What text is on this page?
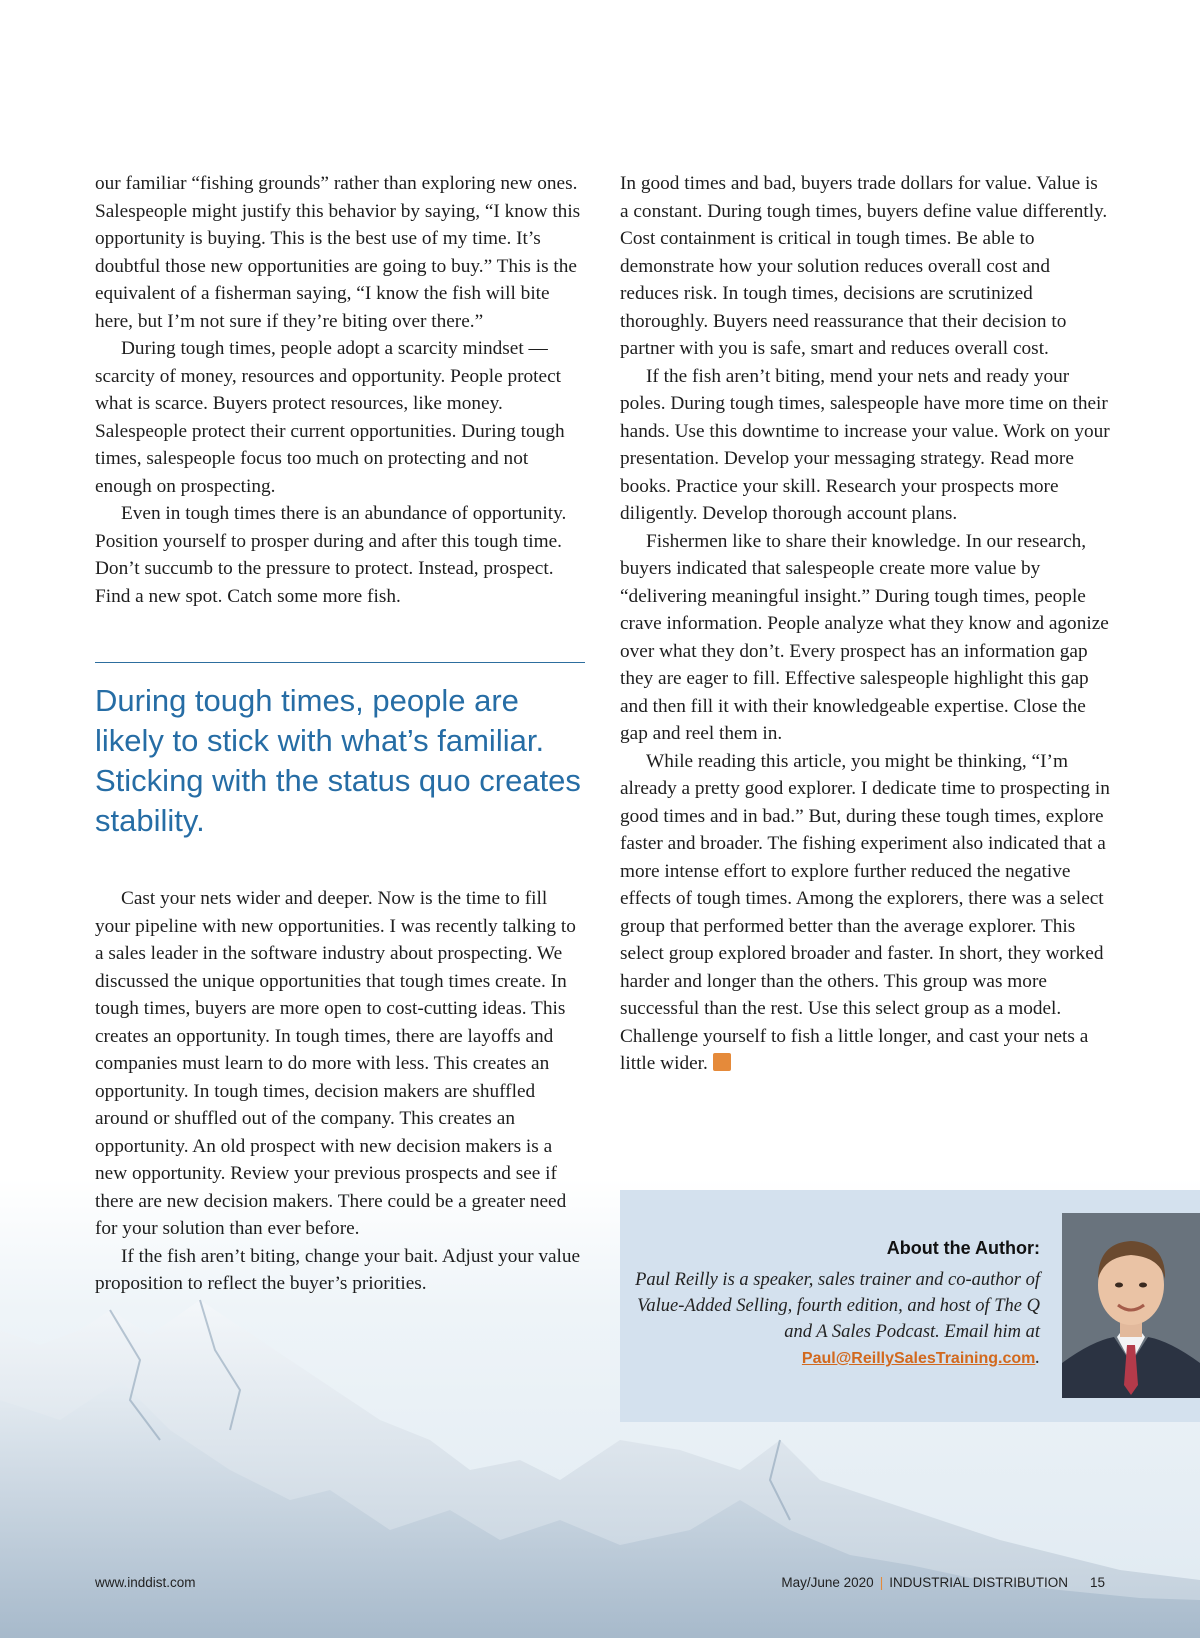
our familiar “fishing grounds” rather than exploring new ones. Salespeople might justify this behavior by saying, “I know this opportunity is buying. This is the best use of my time. It’s doubtful those new opportunities are going to buy.” This is the equivalent of a fisherman saying, “I know the fish will bite here, but I’m not sure if they’re biting over there.”

During tough times, people adopt a scarcity mindset — scarcity of money, resources and opportunity. People protect what is scarce. Buyers protect resources, like money. Salespeople protect their current opportunities. During tough times, salespeople focus too much on protecting and not enough on prospecting.

Even in tough times there is an abundance of opportunity. Position yourself to prosper during and after this tough time. Don’t succumb to the pressure to protect. Instead, prospect. Find a new spot. Catch some more fish.

During tough times, people are likely to stick with what’s familiar. Sticking with the status quo creates stability.

Cast your nets wider and deeper. Now is the time to fill your pipeline with new opportunities. I was recently talking to a sales leader in the software industry about prospecting. We discussed the unique opportunities that tough times create. In tough times, buyers are more open to cost-cutting ideas. This creates an opportunity. In tough times, there are layoffs and companies must learn to do more with less. This creates an opportunity. In tough times, decision makers are shuffled around or shuffled out of the company. This creates an opportunity. An old prospect with new decision makers is a new opportunity. Review your previous prospects and see if there are new decision makers. There could be a greater need for your solution than ever before.

If the fish aren’t biting, change your bait. Adjust your value proposition to reflect the buyer’s priorities.

In good times and bad, buyers trade dollars for value. Value is a constant. During tough times, buyers define value differently. Cost containment is critical in tough times. Be able to demonstrate how your solution reduces overall cost and reduces risk. In tough times, decisions are scrutinized thoroughly. Buyers need reassurance that their decision to partner with you is safe, smart and reduces overall cost.

If the fish aren’t biting, mend your nets and ready your poles. During tough times, salespeople have more time on their hands. Use this downtime to increase your value. Work on your presentation. Develop your messaging strategy. Read more books. Practice your skill. Research your prospects more diligently. Develop thorough account plans.

Fishermen like to share their knowledge. In our research, buyers indicated that salespeople create more value by “delivering meaningful insight.” During tough times, people crave information. People analyze what they know and agonize over what they don’t. Every prospect has an information gap they are eager to fill. Effective salespeople highlight this gap and then fill it with their knowledgeable expertise. Close the gap and reel them in.

While reading this article, you might be thinking, “I’m already a pretty good explorer. I dedicate time to prospecting in good times and in bad.” But, during these tough times, explore faster and broader. The fishing experiment also indicated that a more intense effort to explore further reduced the negative effects of tough times. Among the explorers, there was a select group that performed better than the average explorer. This select group explored broader and faster. In short, they worked harder and longer than the others. This group was more successful than the rest. Use this select group as a model. Challenge yourself to fish a little longer, and cast your nets a little wider.	ID

About the Author:
Paul Reilly is a speaker, sales trainer and co-author of Value-Added Selling, fourth edition, and host of The Q and A Sales Podcast. Email him at Paul@ReillySalesTraining.com.
www.inddist.com	May/June 2020 | INDUSTRIAL DISTRIBUTION 15
